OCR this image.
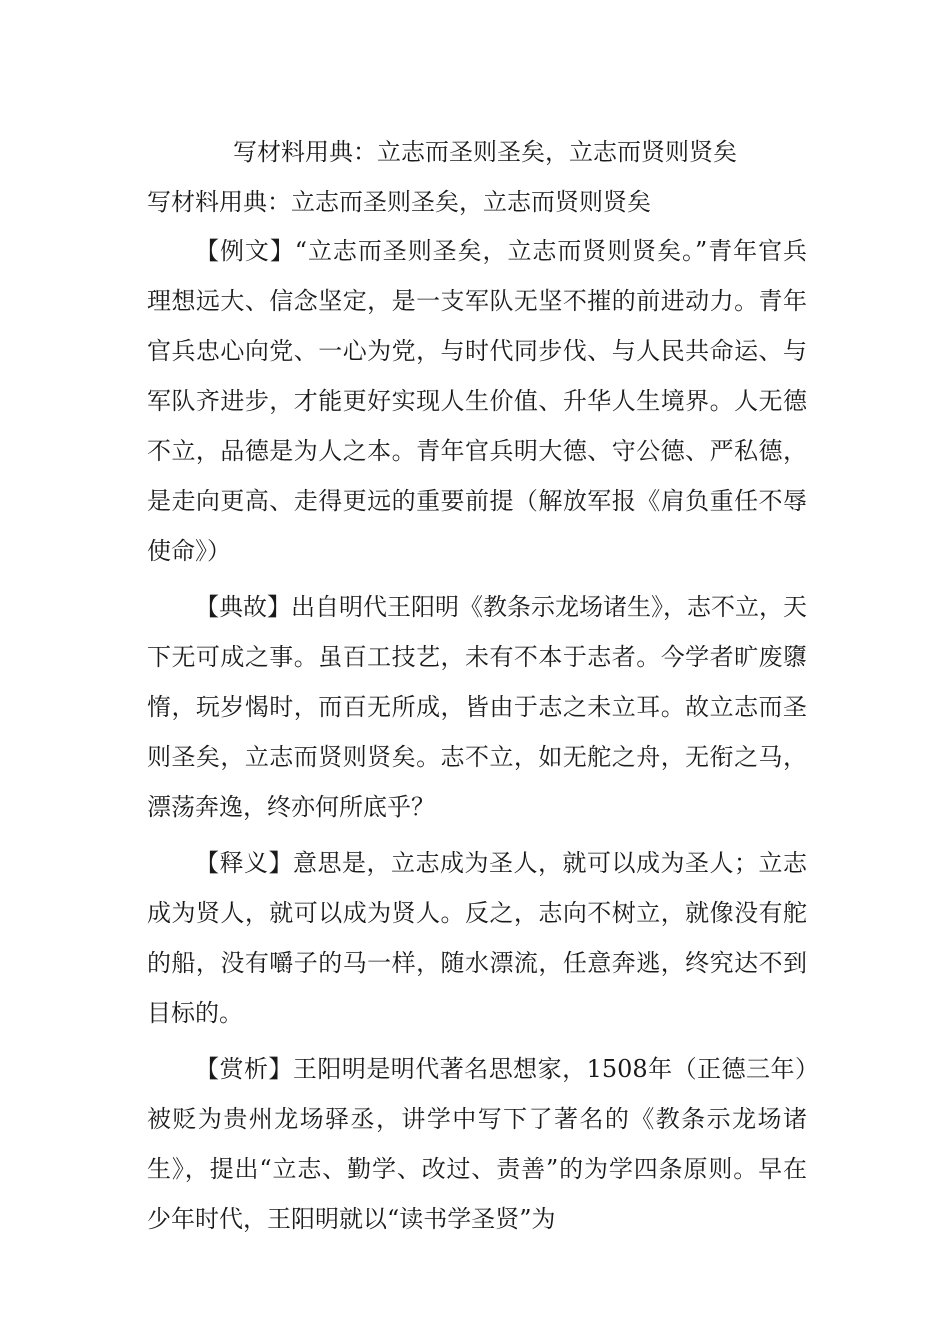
写材料用典：立志而圣则圣矣，立志而贤则贤矣

写材料用典：立志而圣则圣矣，立志而贤则贤矣

【例文】“立志而圣则圣矣，立志而贤则贤矣。”青年官兵理想远大、信念坚定，是一支军队无坚不摧的前进动力。青年官兵忠心向党、一心为党，与时代同步伐、与人民共命运、与军队齐进步，才能更好实现人生价值、升华人生境界。人无德不立，品德是为人之本。青年官兵明大德、守公德、严私德，是走向更高、走得更远的重要前提（解放军报《肩负重任不辱使命》）

【典故】出自明代王阳明《教条示龙场诸生》，志不立，天下无可成之事。虽百工技艺，未有不本于志者。今学者旷废隳惰，玩岁愒时，而百无所成，皆由于志之未立耳。故立志而圣则圣矣，立志而贤则贤矣。志不立，如无舵之舟，无衔之马，漂荡奔逸，终亦何所底乎？

【释义】意思是，立志成为圣人，就可以成为圣人；立志成为贤人，就可以成为贤人。反之，志向不树立，就像没有舵的船，没有嚼子的马一样，随水漂流，任意奔逃，终究达不到目标的。

【赏析】王阳明是明代著名思想家，1508年（正德三年）被贬为贵州龙场驿丞，讲学中写下了著名的《教条示龙场诸生》，提出“立志、勤学、改过、责善”的为学四条原则。早在少年时代，王阳明就以“读书学圣贤”为
